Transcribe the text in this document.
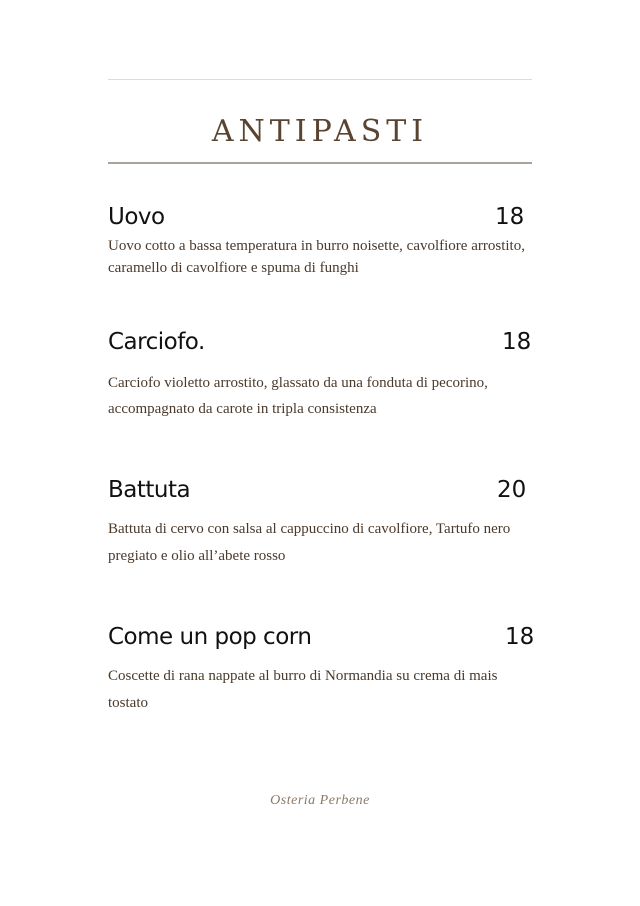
ANTIPASTI
Uovo	18
Uovo cotto a bassa temperatura in burro noisette, cavolfiore arrostito, caramello di cavolfiore e spuma di funghi
Carciofo.	18
Carciofo violetto arrostito, glassato da una fonduta di pecorino, accompagnato da carote in tripla consistenza
Battuta	20
Battuta di cervo con salsa al cappuccino di cavolfiore, Tartufo nero pregiato e olio all’abete rosso
Come un pop corn	18
Coscette di rana nappate al burro di Normandia su crema di mais tostato
Osteria Perbene
